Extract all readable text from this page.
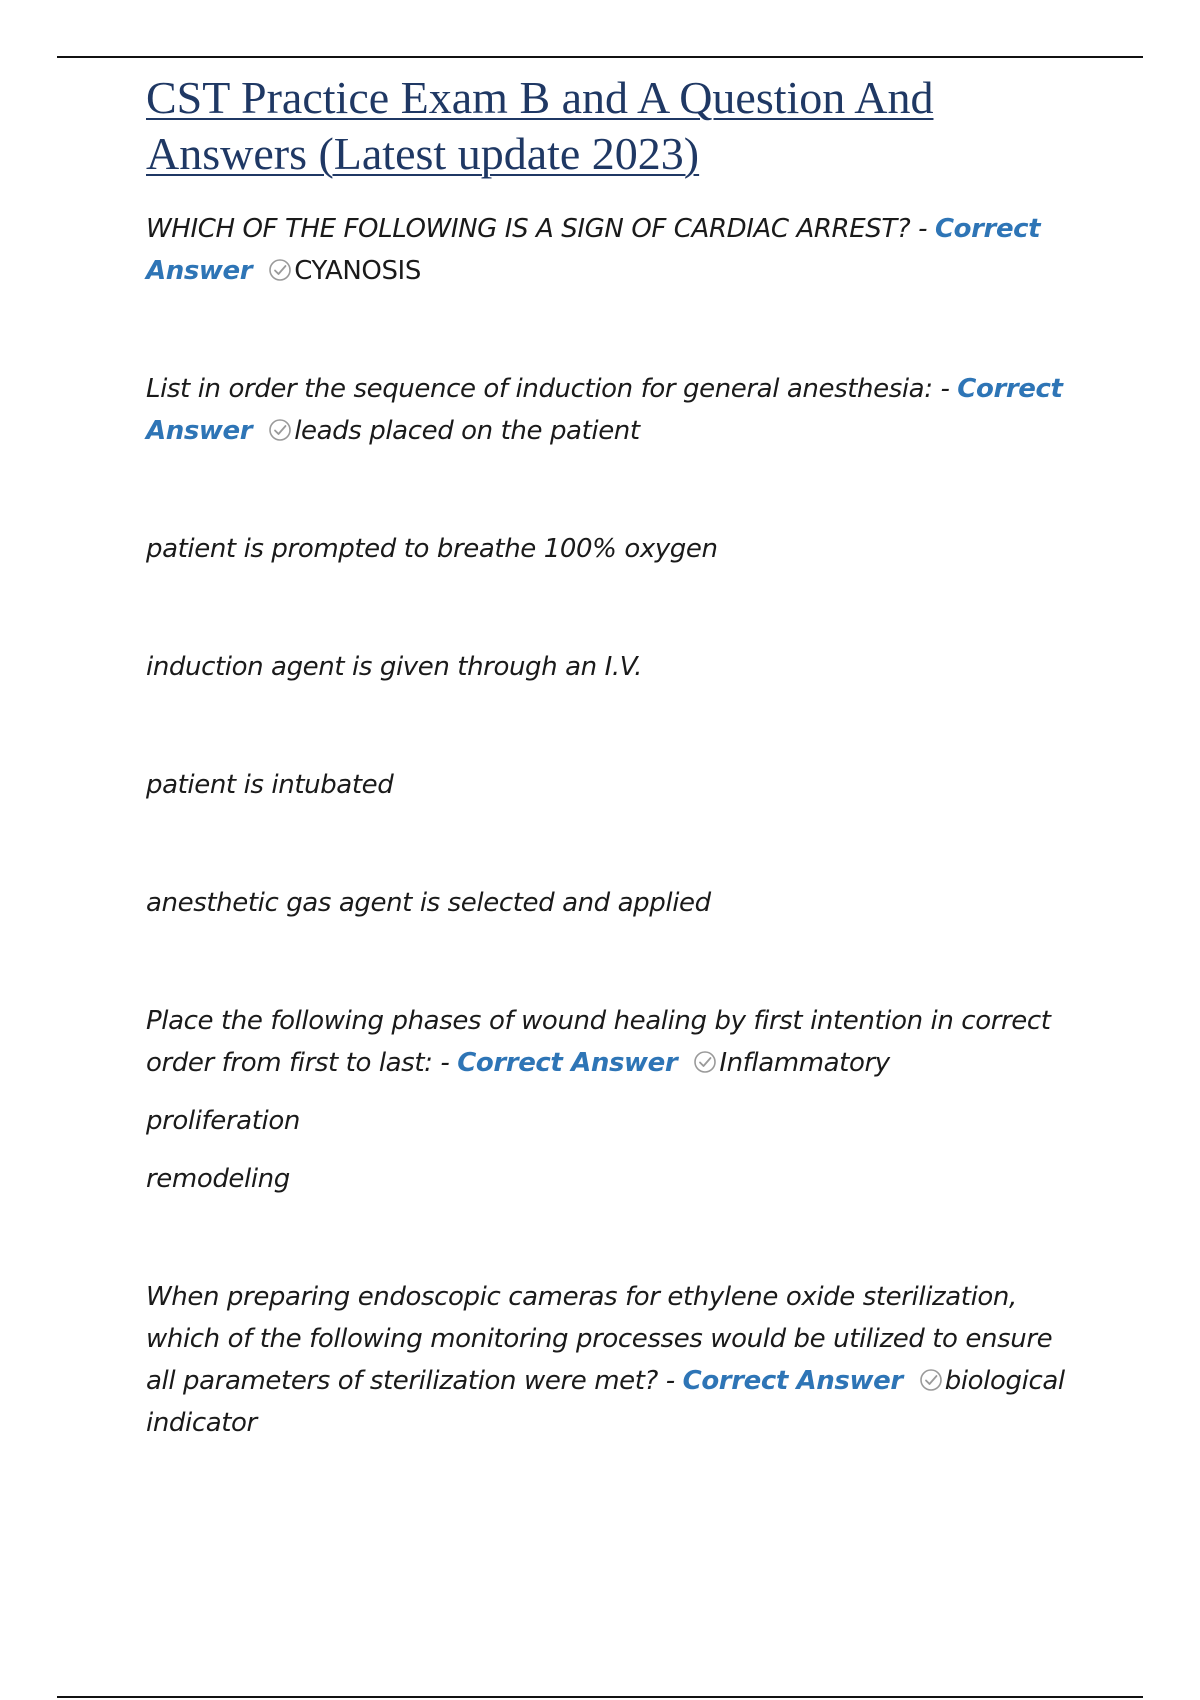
CST Practice Exam B and A Question And Answers (Latest update 2023)

WHICH OF THE FOLLOWING IS A SIGN OF CARDIAC ARREST? - Correct

Answer CYANOSIS

List in order the sequence of induction for general anesthesia: - Correct

Answer leads placed on the patient

patient is prompted to breathe 100% oxygen

induction agent is given through an I.V.

patient is intubated

anesthetic gas agent is selected and applied

Place the following phases of wound healing by first intention in correct

order from first to last: - Correct Answer Inflammatory

proliferation

remodeling

When preparing endoscopic cameras for ethylene oxide sterilization,

which of the following monitoring processes would be utilized to ensure

all parameters of sterilization were met? - Correct Answer biological

indicator
